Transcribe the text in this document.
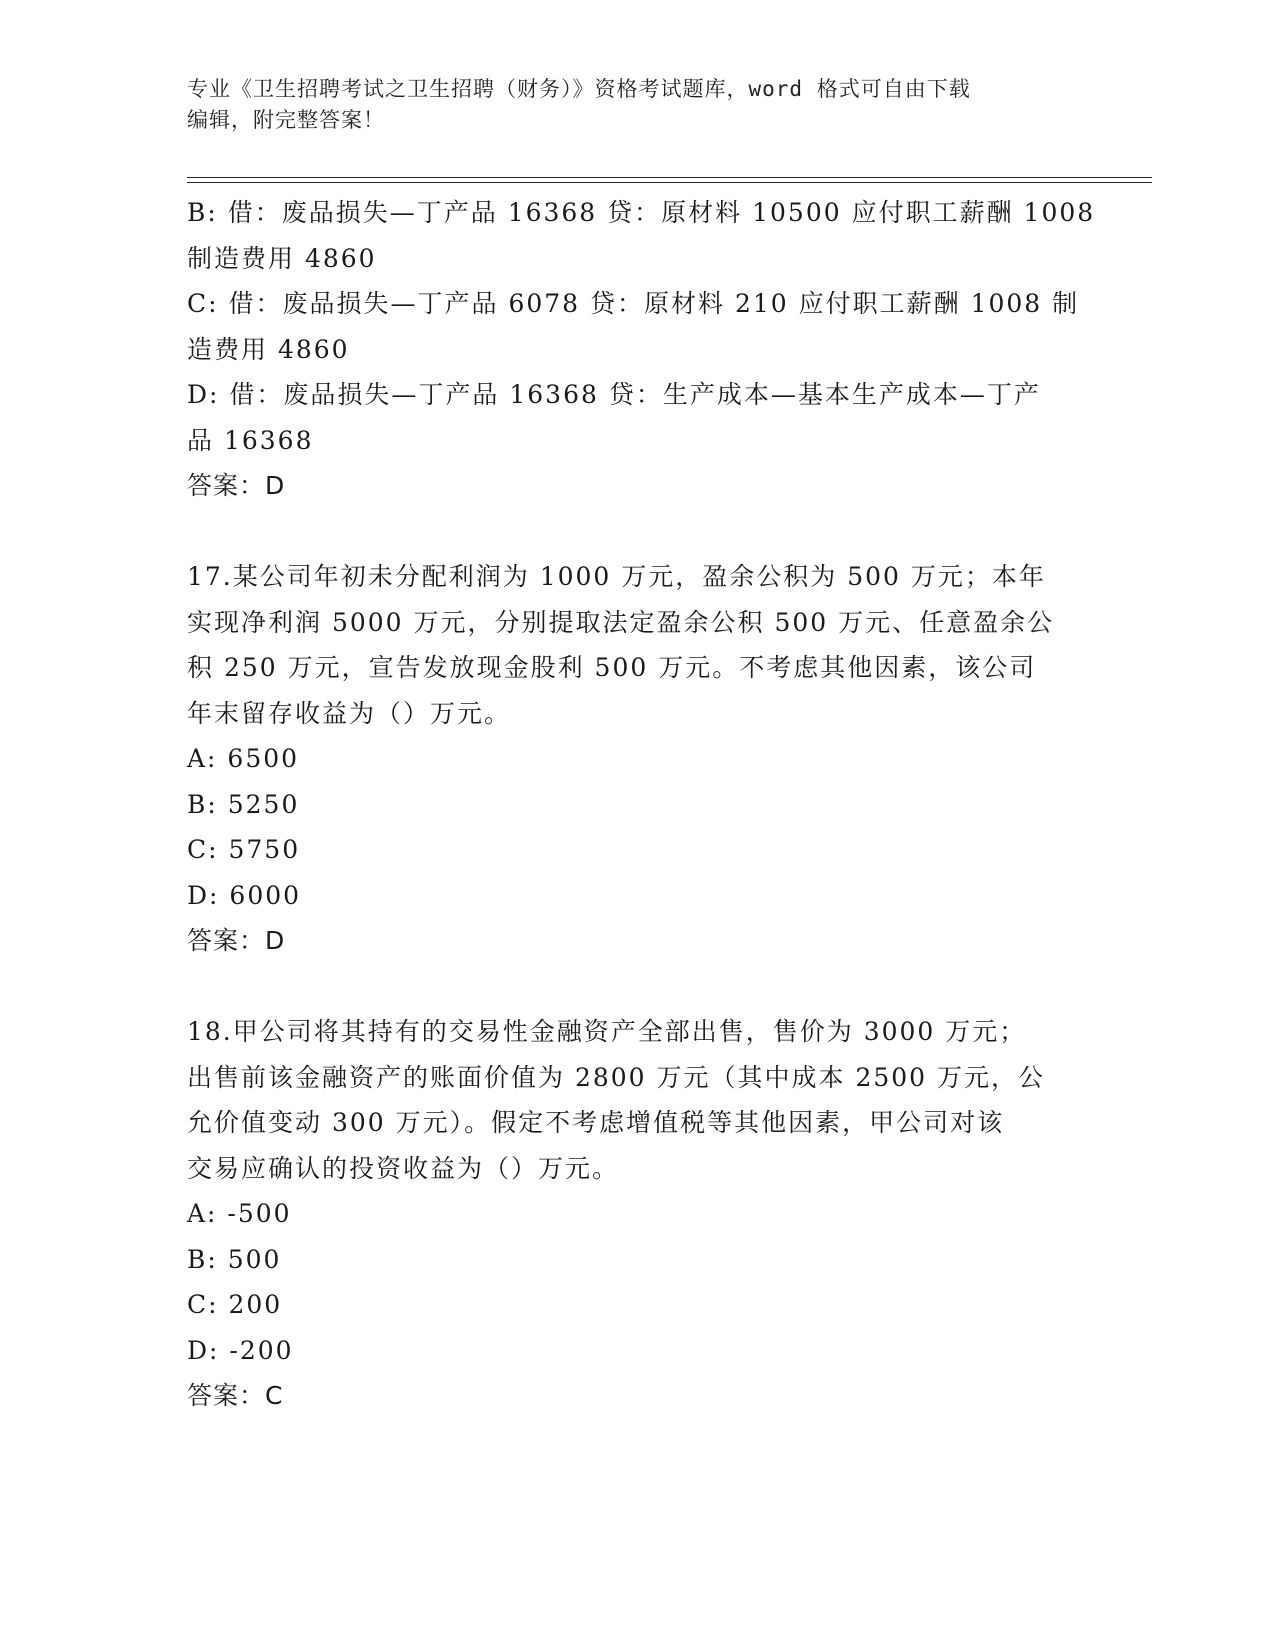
专业《卫生招聘考试之卫生招聘（财务）》资格考试题库，word 格式可自由下载
编辑，附完整答案！
B: 借：废品损失—丁产品 16368 贷：原材料 10500 应付职工薪酬 1008
制造费用 4860
C: 借：废品损失—丁产品 6078 贷：原材料 210 应付职工薪酬 1008 制
造费用 4860
D: 借：废品损失—丁产品 16368 贷：生产成本—基本生产成本—丁产
品 16368
答案：D
17.某公司年初未分配利润为 1000 万元，盈余公积为 500 万元；本年
实现净利润 5000 万元，分别提取法定盈余公积 500 万元、任意盈余公
积 250 万元，宣告发放现金股利 500 万元。不考虑其他因素，该公司
年末留存收益为（）万元。
A: 6500
B: 5250
C: 5750
D: 6000
答案：D
18.甲公司将其持有的交易性金融资产全部出售，售价为 3000 万元；
出售前该金融资产的账面价值为 2800 万元（其中成本 2500 万元，公
允价值变动 300 万元）。假定不考虑增值税等其他因素，甲公司对该
交易应确认的投资收益为（）万元。
A: -500
B: 500
C: 200
D: -200
答案：C
